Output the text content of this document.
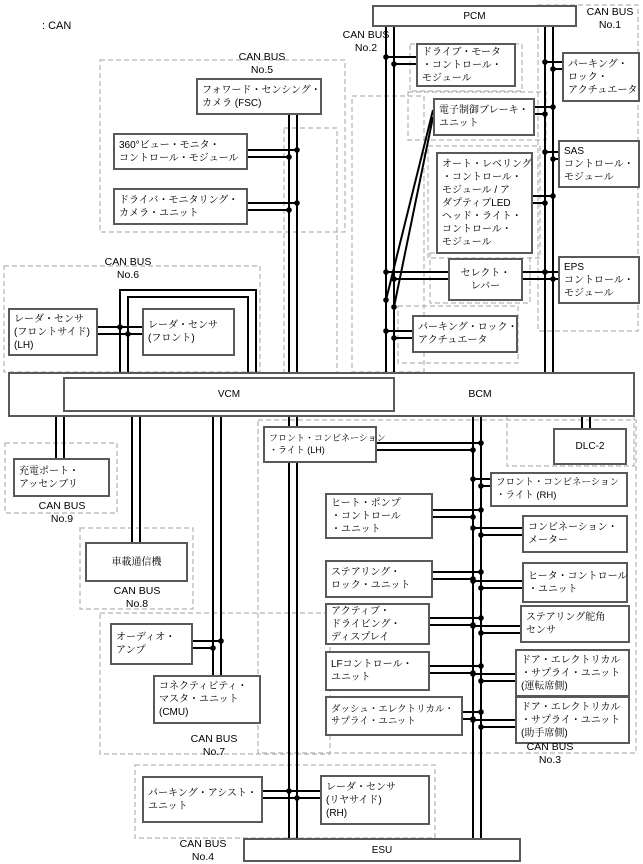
: CAN
PCM
ドライブ・モータ
・コントロール・
モジュール
パーキング・
ロック・
アクチュエータ
電子制御ブレーキ・
ユニット
SAS
コントロール・
モジュール
オート・レベリング
・コントロール・
モジュール / ア
ダプティブLED
ヘッド・ライト・
コントロール・
モジュール
セレクト・
レバー
EPS
コントロール・
モジュール
パーキング・ロック・
アクチュエータ
フォワード・センシング・
カメラ (FSC)
360°ビュー・モニタ・
コントロール・モジュール
ドライバ・モニタリング・
カメラ・ユニット
レーダ・センサ
(フロントサイド)
(LH)
レーダ・センサ
(フロント)
VCM	BCM
フロント・コンビネーション
・ライト (LH)	DLC-2
充電ポート・
アッセンブリ
車載通信機
ヒート・ポンプ
・コントロール
・ユニット
フロント・コンビネーション
・ライト (RH)
コンビネーション・
メーター
ステアリング・
ロック・ユニット
ヒータ・コントロール
・ユニット
アクティブ・
ドライビング・
ディスプレイ
ステアリング舵角
センサ
LFコントロール・
ユニット
ドア・エレクトリカル
・サプライ・ユニット
(運転席側)
ダッシュ・エレクトリカル・
サプライ・ユニット
ドア・エレクトリカル
・サプライ・ユニット
(助手席側)
オーディオ・
アンプ
コネクティビティ・
マスタ・ユニット
(CMU)
パーキング・アシスト・
ユニット
レーダ・センサ
(リヤサイド)
(RH)
ESU
CAN BUS
No.1
CAN BUS
No.2
CAN BUS
No.3
CAN BUS
No.4
CAN BUS
No.5
CAN BUS
No.6
CAN BUS
No.7
CAN BUS
No.8
CAN BUS
No.9
